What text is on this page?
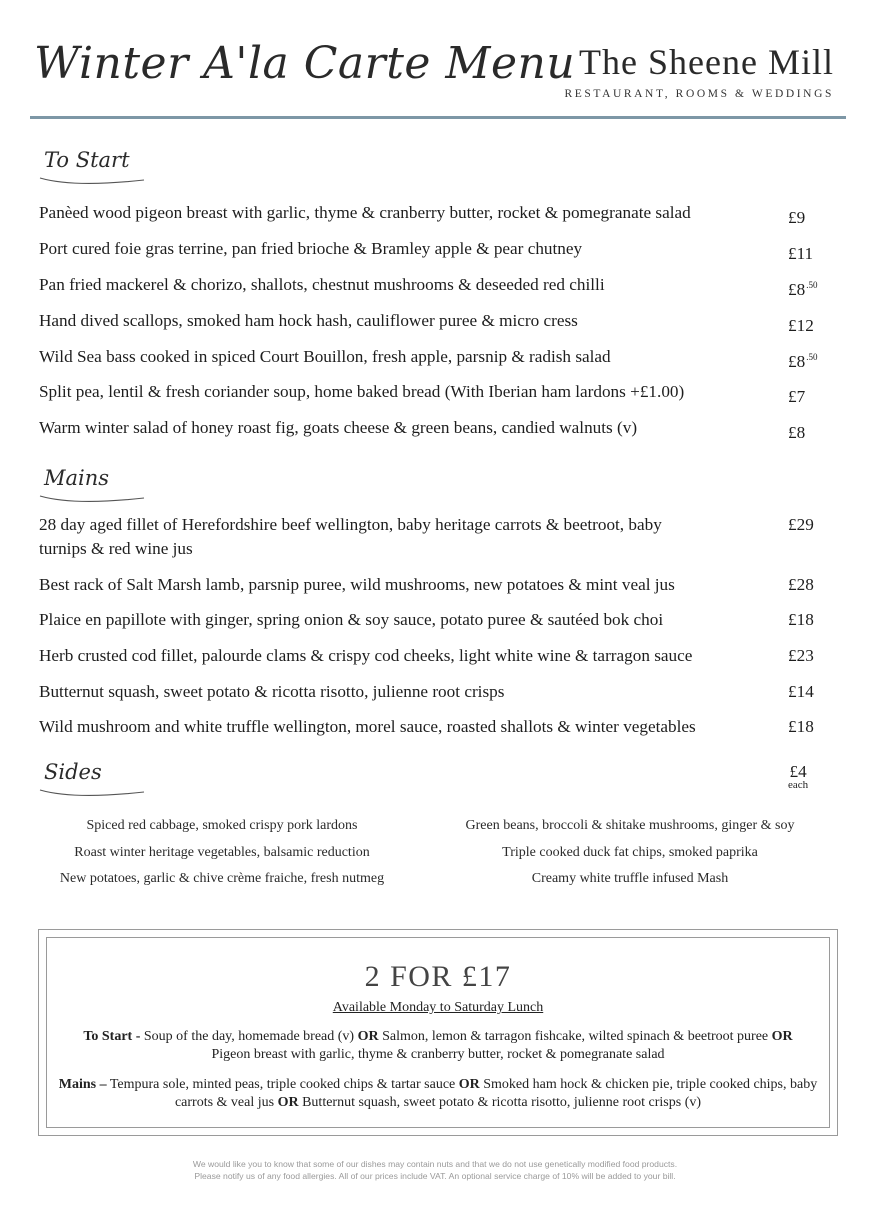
Winter A'la Carte Menu The Sheene Mill
RESTAURANT, ROOMS & WEDDINGS
To Start
Panèed wood pigeon breast with garlic, thyme & cranberry butter, rocket & pomegranate salad	£9
Port cured foie gras terrine, pan fried brioche & Bramley apple & pear chutney	£11
Pan fried mackerel & chorizo, shallots, chestnut mushrooms & deseeded red chilli	$£8^{.50}$
Hand dived scallops, smoked ham hock hash, cauliflower puree & micro cress	£12
Wild Sea bass cooked in spiced Court Bouillon, fresh apple, parsnip & radish salad	$£8^{.50}$
Split pea, lentil & fresh coriander soup, home baked bread (With Iberian ham lardons +£1.00)	£7
Warm winter salad of honey roast fig, goats cheese & green beans, candied walnuts (v)	£8
Mains
28 day aged fillet of Herefordshire beef wellington, baby heritage carrots & beetroot, baby turnips & red wine jus
£29
Best rack of Salt Marsh lamb, parsnip puree, wild mushrooms, new potatoes & mint veal jus	£28
Plaice en papillote with ginger, spring onion & soy sauce, potato puree & sautéed bok choi	£18
Herb crusted cod fillet, palourde clams & crispy cod cheeks, light white wine & tarragon sauce	£23
Butternut squash, sweet potato & ricotta risotto, julienne root crisps	£14
Wild mushroom and white truffle wellington, morel sauce, roasted shallots & winter vegetables	£18
Sides	£4
each
Spiced red cabbage, smoked crispy pork lardons
Roast winter heritage vegetables, balsamic reduction
New potatoes, garlic & chive crème fraiche, fresh nutmeg
Green beans, broccoli & shitake mushrooms, ginger & soy
Triple cooked duck fat chips, smoked paprika
Creamy white truffle infused Mash
2 FOR £17
Available Monday to Saturday Lunch
To Start - Soup of the day, homemade bread (v) OR Salmon, lemon & tarragon fishcake, wilted spinach & beetroot puree OR
Pigeon breast with garlic, thyme & cranberry butter, rocket & pomegranate salad
Mains – Tempura sole, minted peas, triple cooked chips & tartar sauce OR Smoked ham hock & chicken pie, triple cooked chips, baby carrots & veal jus OR Butternut squash, sweet potato & ricotta risotto, julienne root crisps (v)
We would like you to know that some of our dishes may contain nuts and that we do not use genetically modified food products.
Please notify us of any food allergies. All of our prices include VAT. An optional service charge of 10% will be added to your bill.
